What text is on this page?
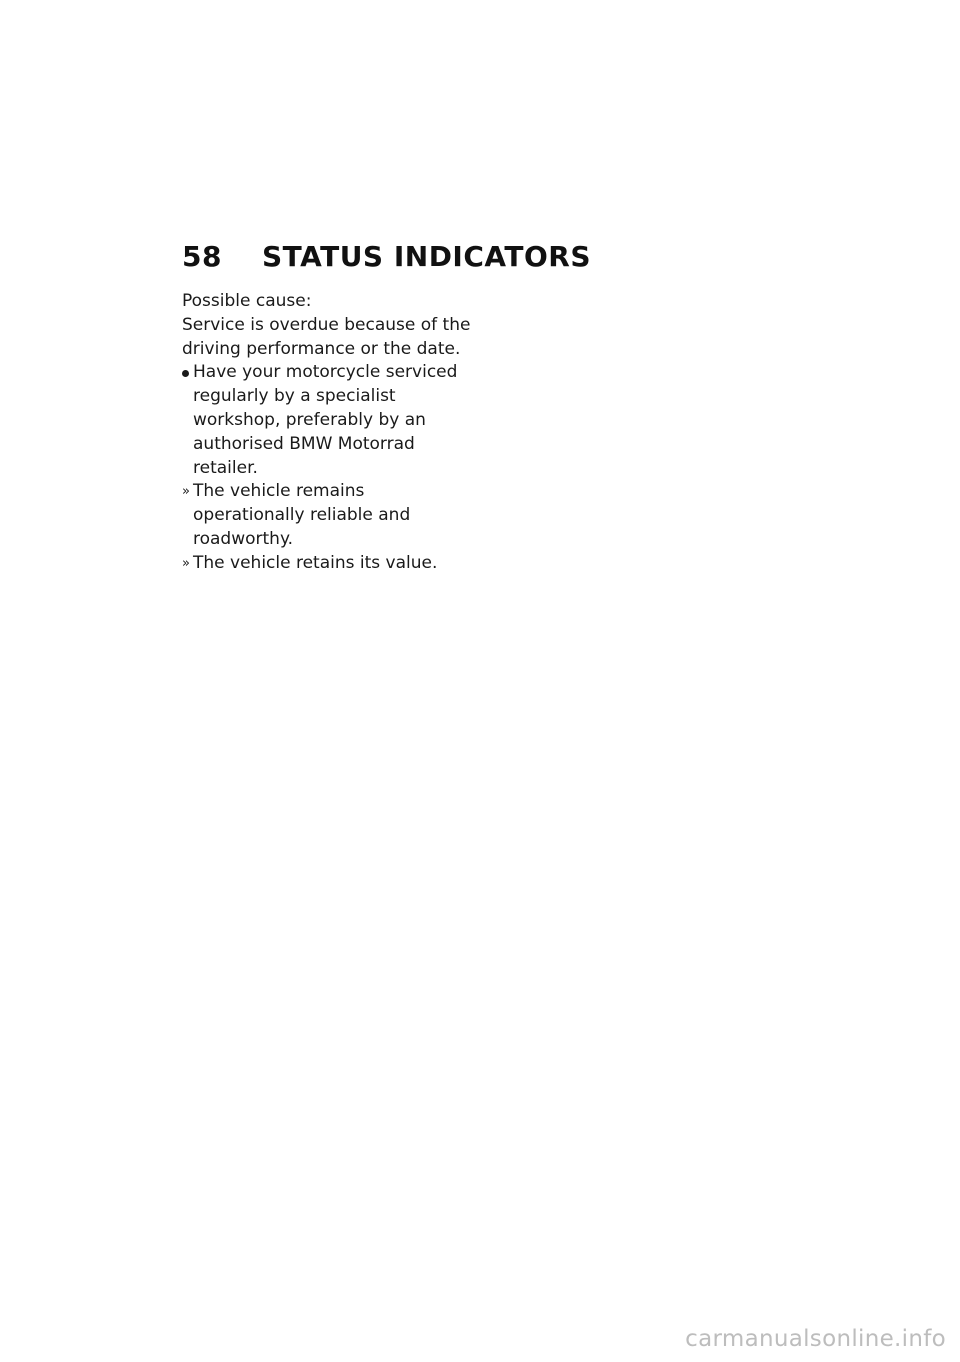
58	STATUS INDICATORS

Possible cause:

Service is overdue because of the driving performance or the date.

Have your motorcycle serviced regularly by a specialist workshop, preferably by an authorised BMW Motorrad retailer.
» The vehicle remains operationally reliable and roadworthy.
» The vehicle retains its value.
carmanualsonline.info
